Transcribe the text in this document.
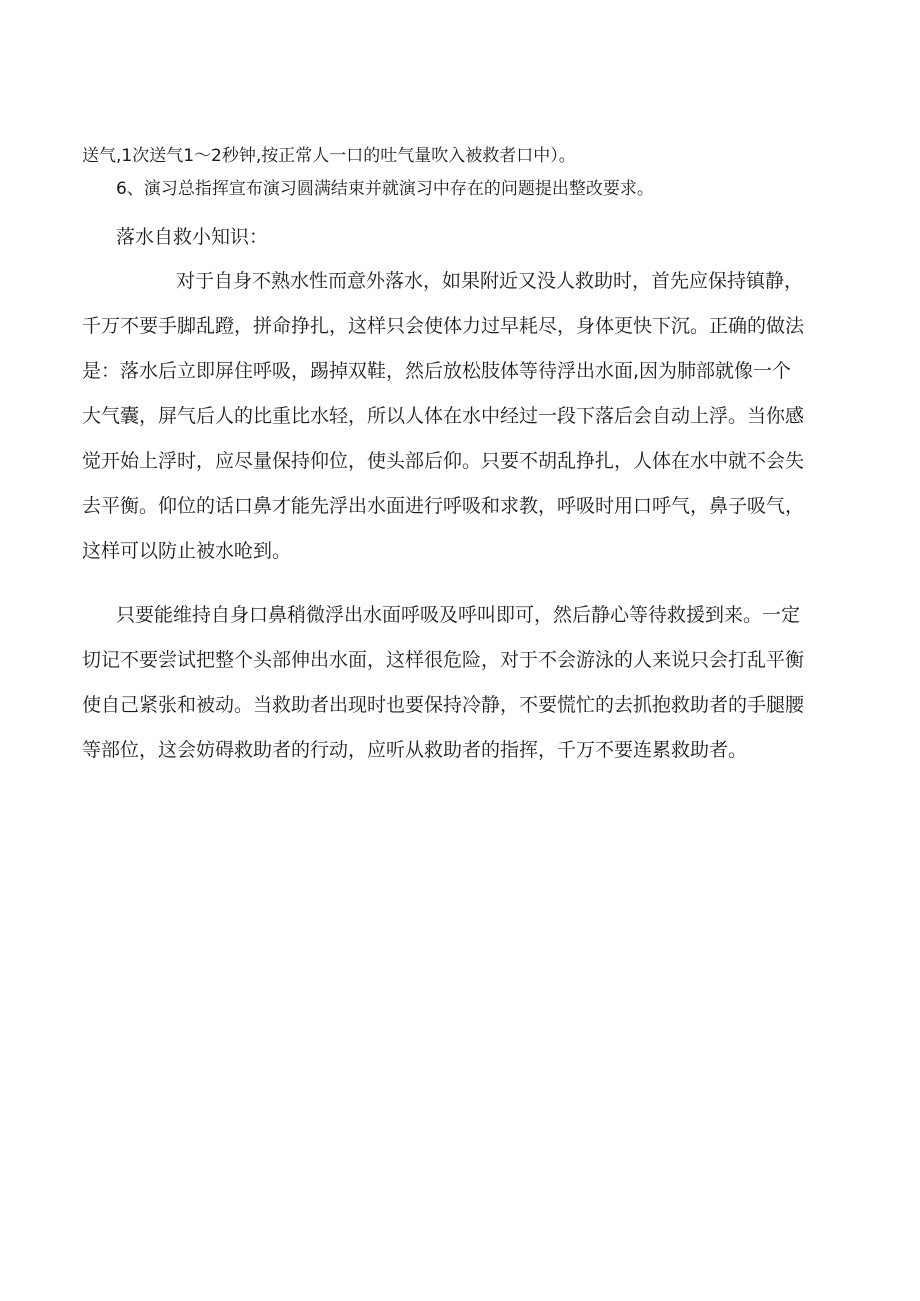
送气,1次送气1～2秒钟,按正常人一口的吐气量吹入被救者口中）。
6、演习总指挥宣布演习圆满结束并就演习中存在的问题提出整改要求。
落水自救小知识：
对于自身不熟水性而意外落水，如果附近又没人救助时，首先应保持镇静，
千万不要手脚乱蹬，拼命挣扎，这样只会使体力过早耗尽，身体更快下沉。正确的做法
是：落水后立即屏住呼吸，踢掉双鞋，然后放松肢体等待浮出水面,因为肺部就像一个
大气囊，屏气后人的比重比水轻，所以人体在水中经过一段下落后会自动上浮。当你感
觉开始上浮时，应尽量保持仰位，使头部后仰。只要不胡乱挣扎，人体在水中就不会失
去平衡。仰位的话口鼻才能先浮出水面进行呼吸和求教，呼吸时用口呼气，鼻子吸气，
这样可以防止被水呛到。
只要能维持自身口鼻稍微浮出水面呼吸及呼叫即可，然后静心等待救援到来。一定
切记不要尝试把整个头部伸出水面，这样很危险，对于不会游泳的人来说只会打乱平衡
使自己紧张和被动。当救助者出现时也要保持冷静，不要慌忙的去抓抱救助者的手腿腰
等部位，这会妨碍救助者的行动，应听从救助者的指挥，千万不要连累救助者。
